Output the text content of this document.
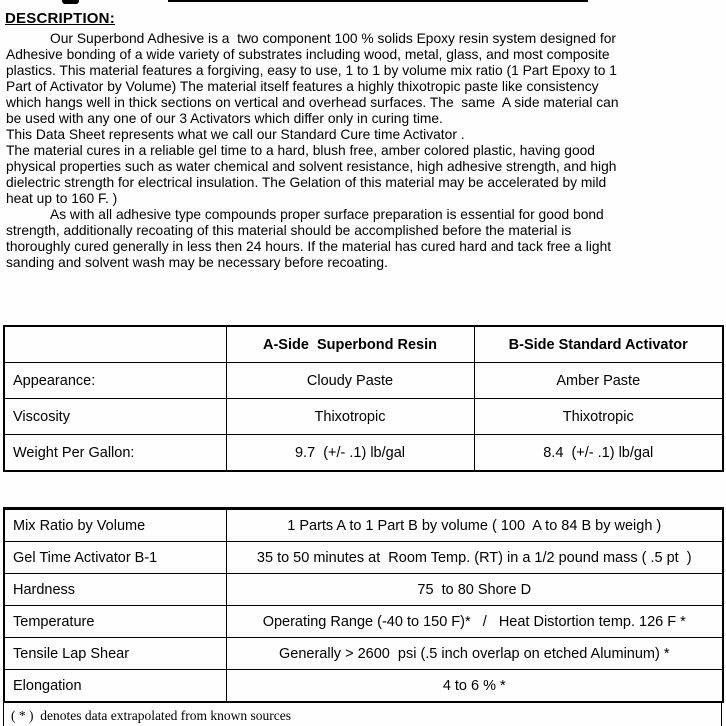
DESCRIPTION:
Our Superbond Adhesive is a  two component 100 % solids Epoxy resin system designed for
Adhesive bonding of a wide variety of substrates including wood, metal, glass, and most composite
plastics. This material features a forgiving, easy to use, 1 to 1 by volume mix ratio (1 Part Epoxy to 1
Part of Activator by Volume) The material itself features a highly thixotropic paste like consistency
which hangs well in thick sections on vertical and overhead surfaces. The  same  A side material can
be used with any one of our 3 Activators which differ only in curing time.
This Data Sheet represents what we call our Standard Cure time Activator .
The material cures in a reliable gel time to a hard, blush free, amber colored plastic, having good
physical properties such as water chemical and solvent resistance, high adhesive strength, and high
dielectric strength for electrical insulation. The Gelation of this material may be accelerated by mild
heat up to 160 F. )
As with all adhesive type compounds proper surface preparation is essential for good bond
strength, additionally recoating of this material should be accomplished before the material is
thoroughly cured generally in less then 24 hours. If the material has cured hard and tack free a light
sanding and solvent wash may be necessary before recoating.
	A-Side  Superbond Resin	B-Side Standard Activator
Appearance:	Cloudy Paste	Amber Paste
Viscosity	Thixotropic	Thixotropic
Weight Per Gallon:	9.7  (+/- .1) lb/gal	8.4  (+/- .1) lb/gal
Mix Ratio by Volume	1 Parts A to 1 Part B by volume ( 100  A to 84 B by weigh )
Gel Time Activator B-1	35 to 50 minutes at  Room Temp. (RT) in a 1/2 pound mass ( .5 pt  )
Hardness	75  to 80 Shore D
Temperature	Operating Range (-40 to 150 F)*   /   Heat Distortion temp. 126 F *
Tensile Lap Shear	Generally > 2600  psi (.5 inch overlap on etched Aluminum) *
Elongation	4 to 6 % *
( * )  denotes data extrapolated from known sources
